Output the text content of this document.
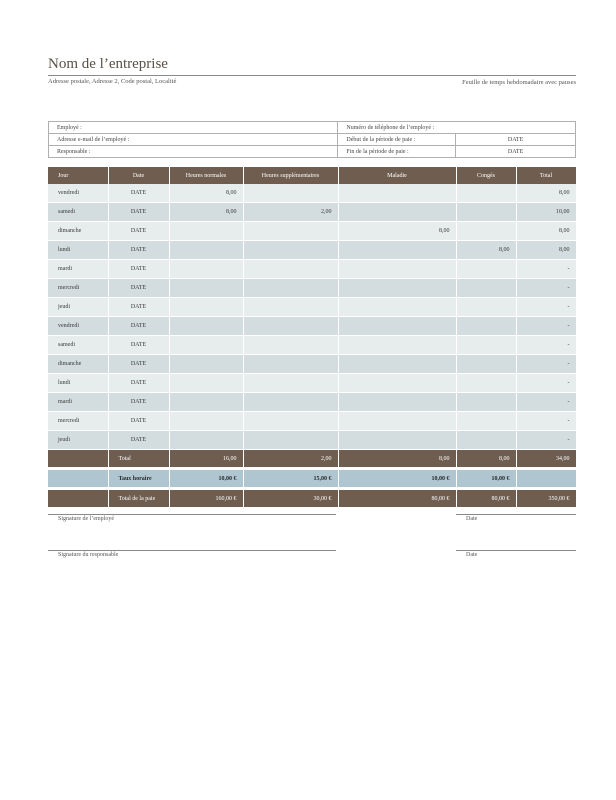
Nom de l’entreprise
Adresse postale, Adresse 2, Code postal, Localité	Feuille de temps hebdomadaire avec pauses
Employé :	Numéro de téléphone de l’employé :	
Adresse e-mail de l’employé :	Début de la période de paie :	DATE
Responsable :	Fin de la période de paie :	DATE
Jour	Date	Heures normales	Heures supplémentaires	Maladie	Congés	Total
vendredi	DATE	8,00				8,00
samedi	DATE	8,00	2,00			10,00
dimanche	DATE			8,00		8,00
lundi	DATE				8,00	8,00
mardi	DATE					-
mercredi	DATE					-
jeudi	DATE					-
vendredi	DATE					-
samedi	DATE					-
dimanche	DATE					-
lundi	DATE					-
mardi	DATE					-
mercredi	DATE					-
jeudi	DATE					-
	Total	16,00	2,00	8,00	8,00	34,00

	Taux horaire	10,00 €	15,00 €	10,00 €	10,00 €	

	Total de la paie	160,00 €	30,00 €	80,00 €	80,00 €	350,00 €
Signature de l’employé	Date
Signature du responsable	Date
